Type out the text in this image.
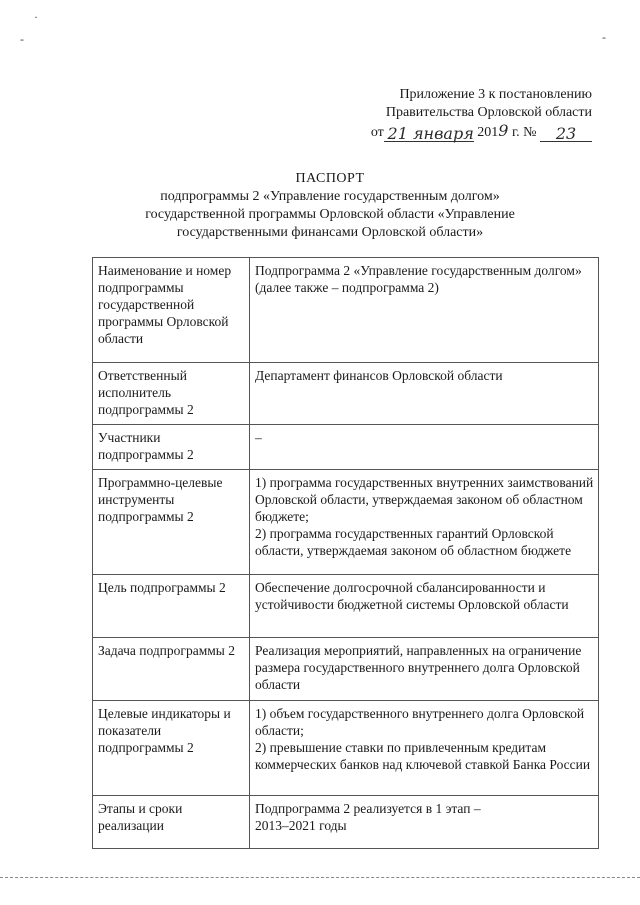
·
-	-
Приложение 3 к постановлению
Правительства Орловской области
от 21 января 2019 г. № 23
ПАСПОРТ
подпрограммы 2 «Управление государственным долгом»
государственной программы Орловской области «Управление
государственными финансами Орловской области»
Наименование и номер подпрограммы государственной программы Орловской области	Подпрограмма 2 «Управление государственным долгом» (далее также – подпрограмма 2)
Ответственный исполнитель подпрограммы 2	Департамент финансов Орловской области
Участники подпрограммы 2	–
Программно-целевые инструменты подпрограммы 2	1) программа государственных внутренних заимствований Орловской области, утверждаемая законом об областном бюджете;
2) программа государственных гарантий Орловской области, утверждаемая законом об областном бюджете
Цель подпрограммы 2	Обеспечение долгосрочной сбалансированности и устойчивости бюджетной системы Орловской области
Задача подпрограммы 2	Реализация мероприятий, направленных на ограничение размера государственного внутреннего долга Орловской области
Целевые индикаторы и показатели подпрограммы 2	1) объем государственного внутреннего долга Орловской области;
2) превышение ставки по привлеченным кредитам коммерческих банков над ключевой ставкой Банка России
Этапы и сроки реализации	Подпрограмма 2 реализуется в 1 этап –
2013–2021 годы
